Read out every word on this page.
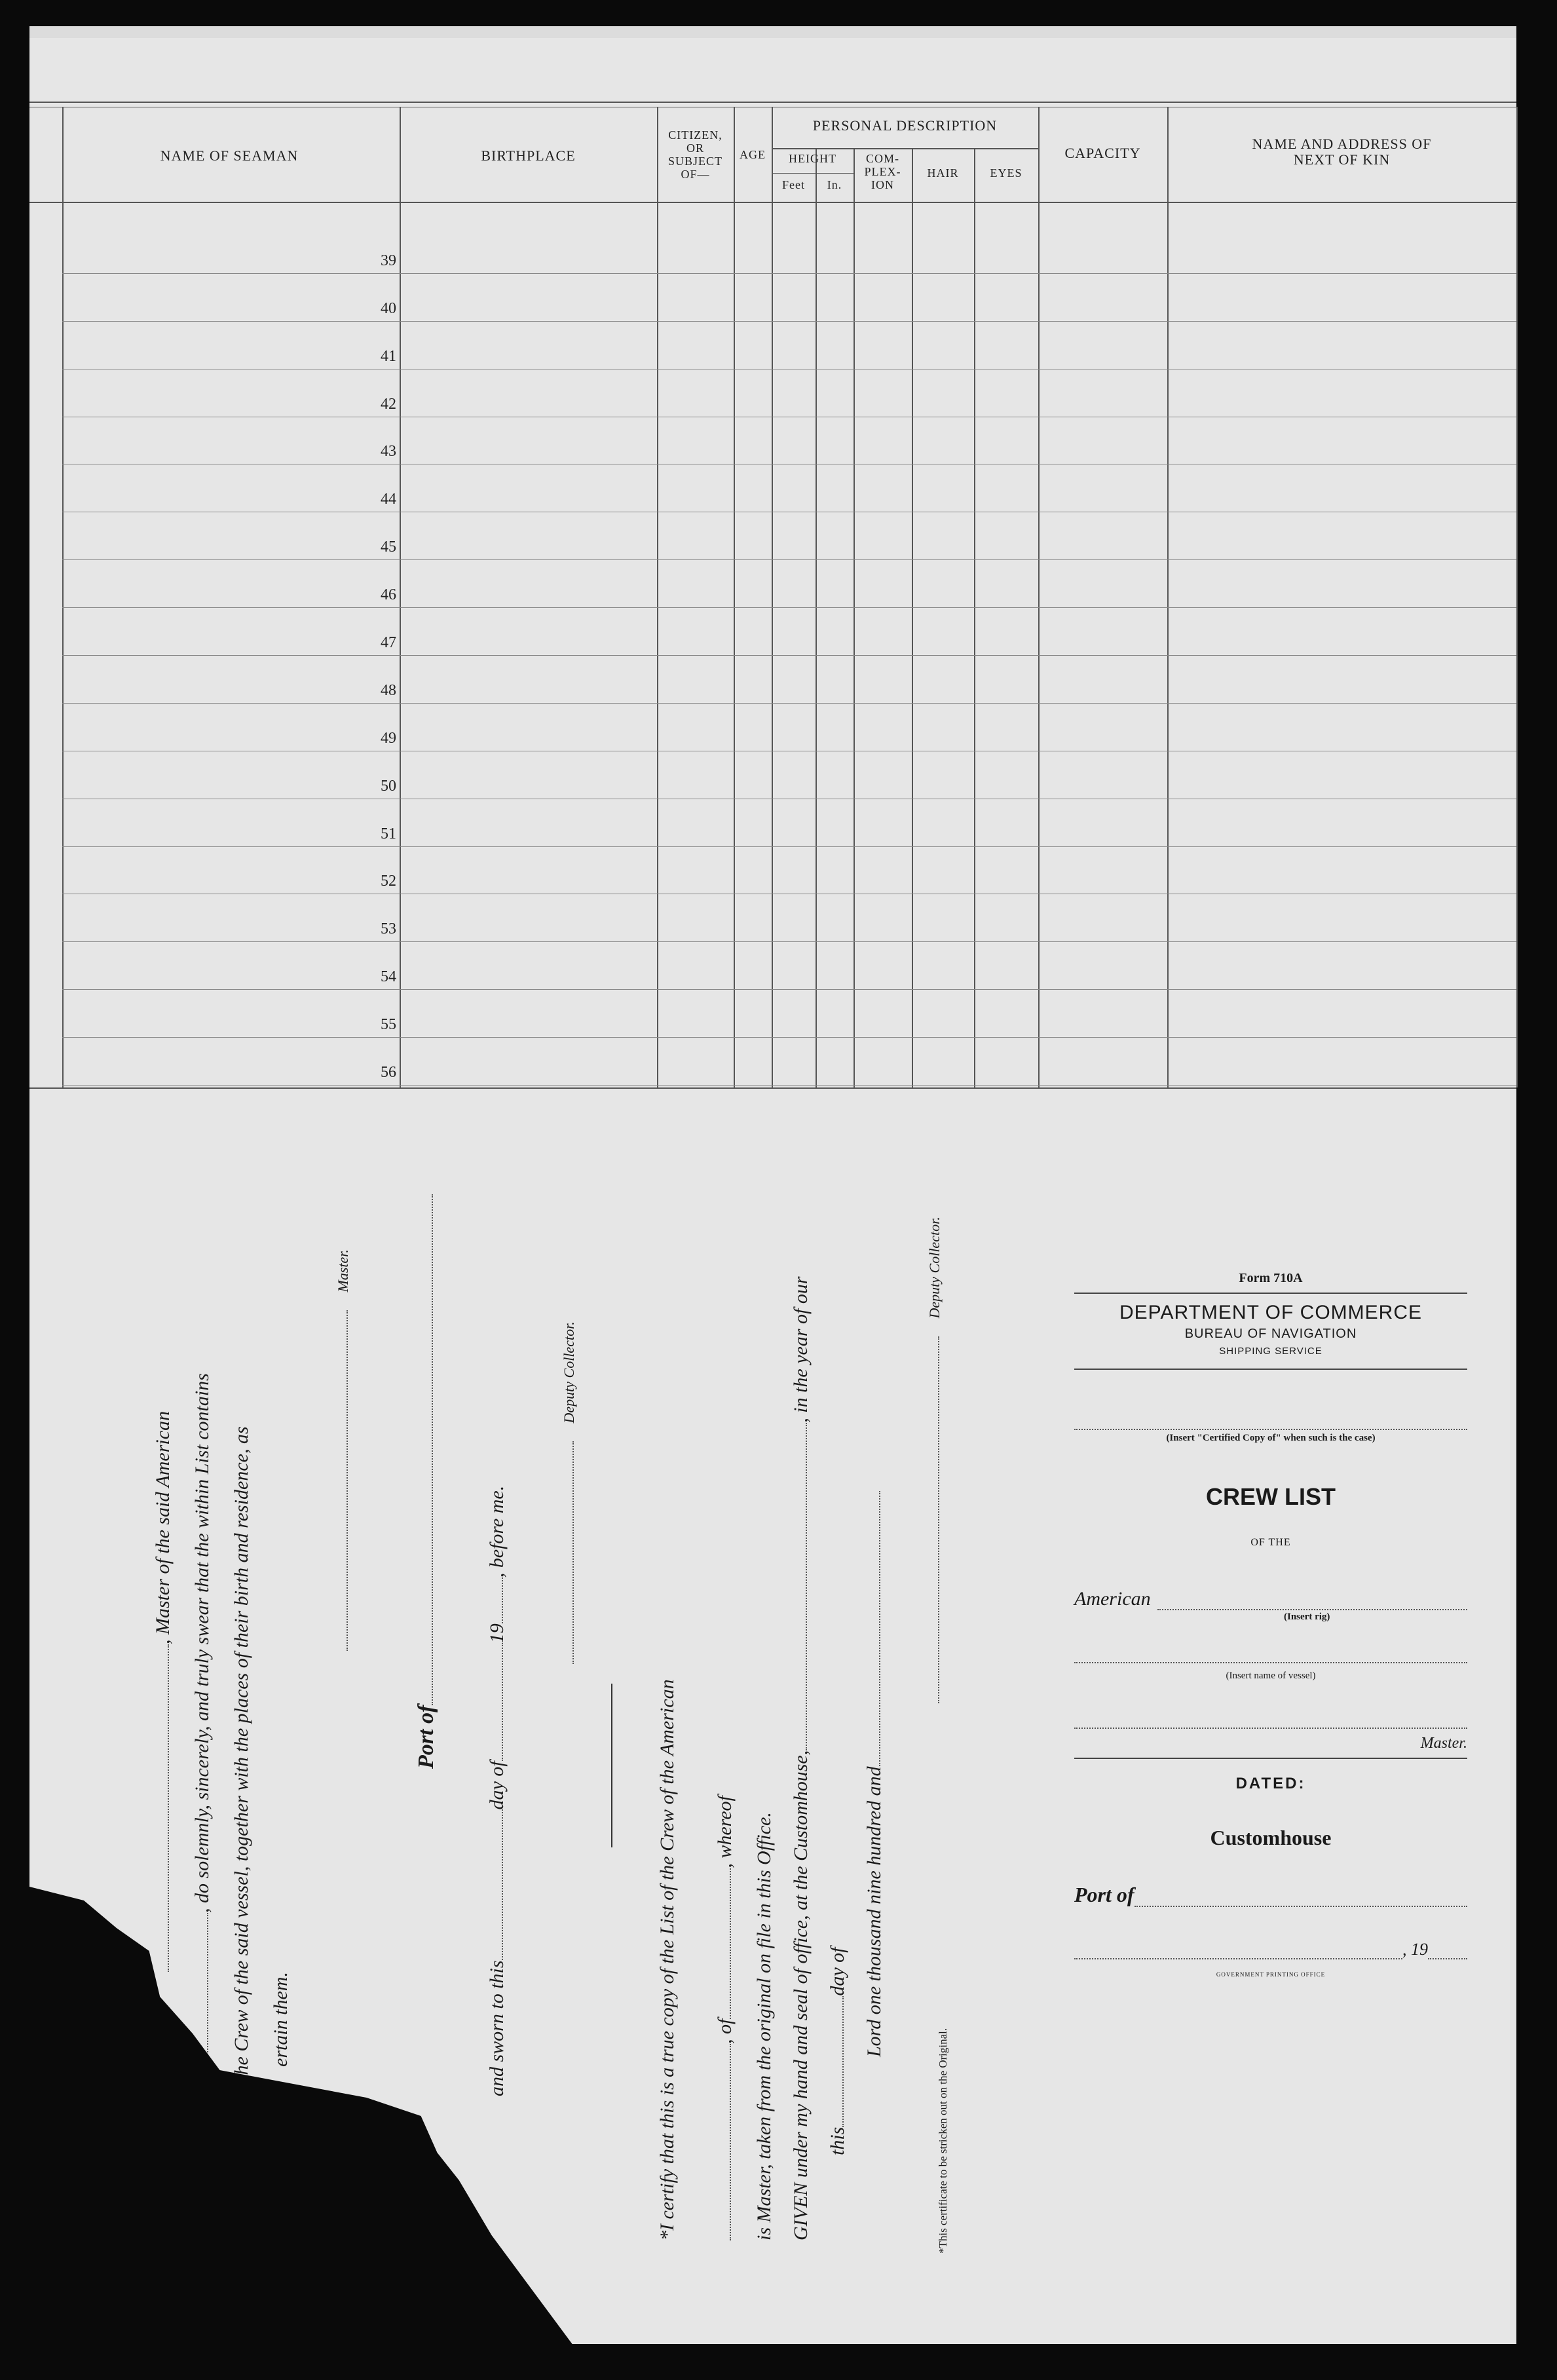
NAME OF SEAMAN	BIRTHPLACE
CITIZEN,
OR
SUBJECT
OF—
AGE
PERSONAL DESCRIPTION
HEIGHT
Feet	In.
COM-
PLEX-
ION
HAIR	EYES
CAPACITY
NAME AND ADDRESS OF
NEXT OF KIN
39
40
41
42
43
44
45
46
47
48
49
50
51
52
53
54
55
56
, Master of the said American , do solemnly, sincerely, and truly swear that the within List contains ll the Crew of the said vessel, together with the places of their birth and residence, as ertain them.
Master.
Port of
and sworn to thisday of19, before me.
Deputy Collector.
*I certify that this is a true copy of the List of the Crew of the American , of, whereof is Master, taken from the original on file in this Office. GIVEN under my hand and seal of office, at the Customhouse,, in the year of our
thisday of Lord one thousand nine hundred and
Deputy Collector.
*This certificate to be stricken out on the Original.
Form 710A
DEPARTMENT OF COMMERCE
BUREAU OF NAVIGATION
SHIPPING SERVICE
(Insert "Certified Copy of" when such is the case)
CREW LIST
OF THE
American
(Insert rig)
(Insert name of vessel)
Master.
DATED:
Customhouse
Port of
, 19
GOVERNMENT PRINTING OFFICE
